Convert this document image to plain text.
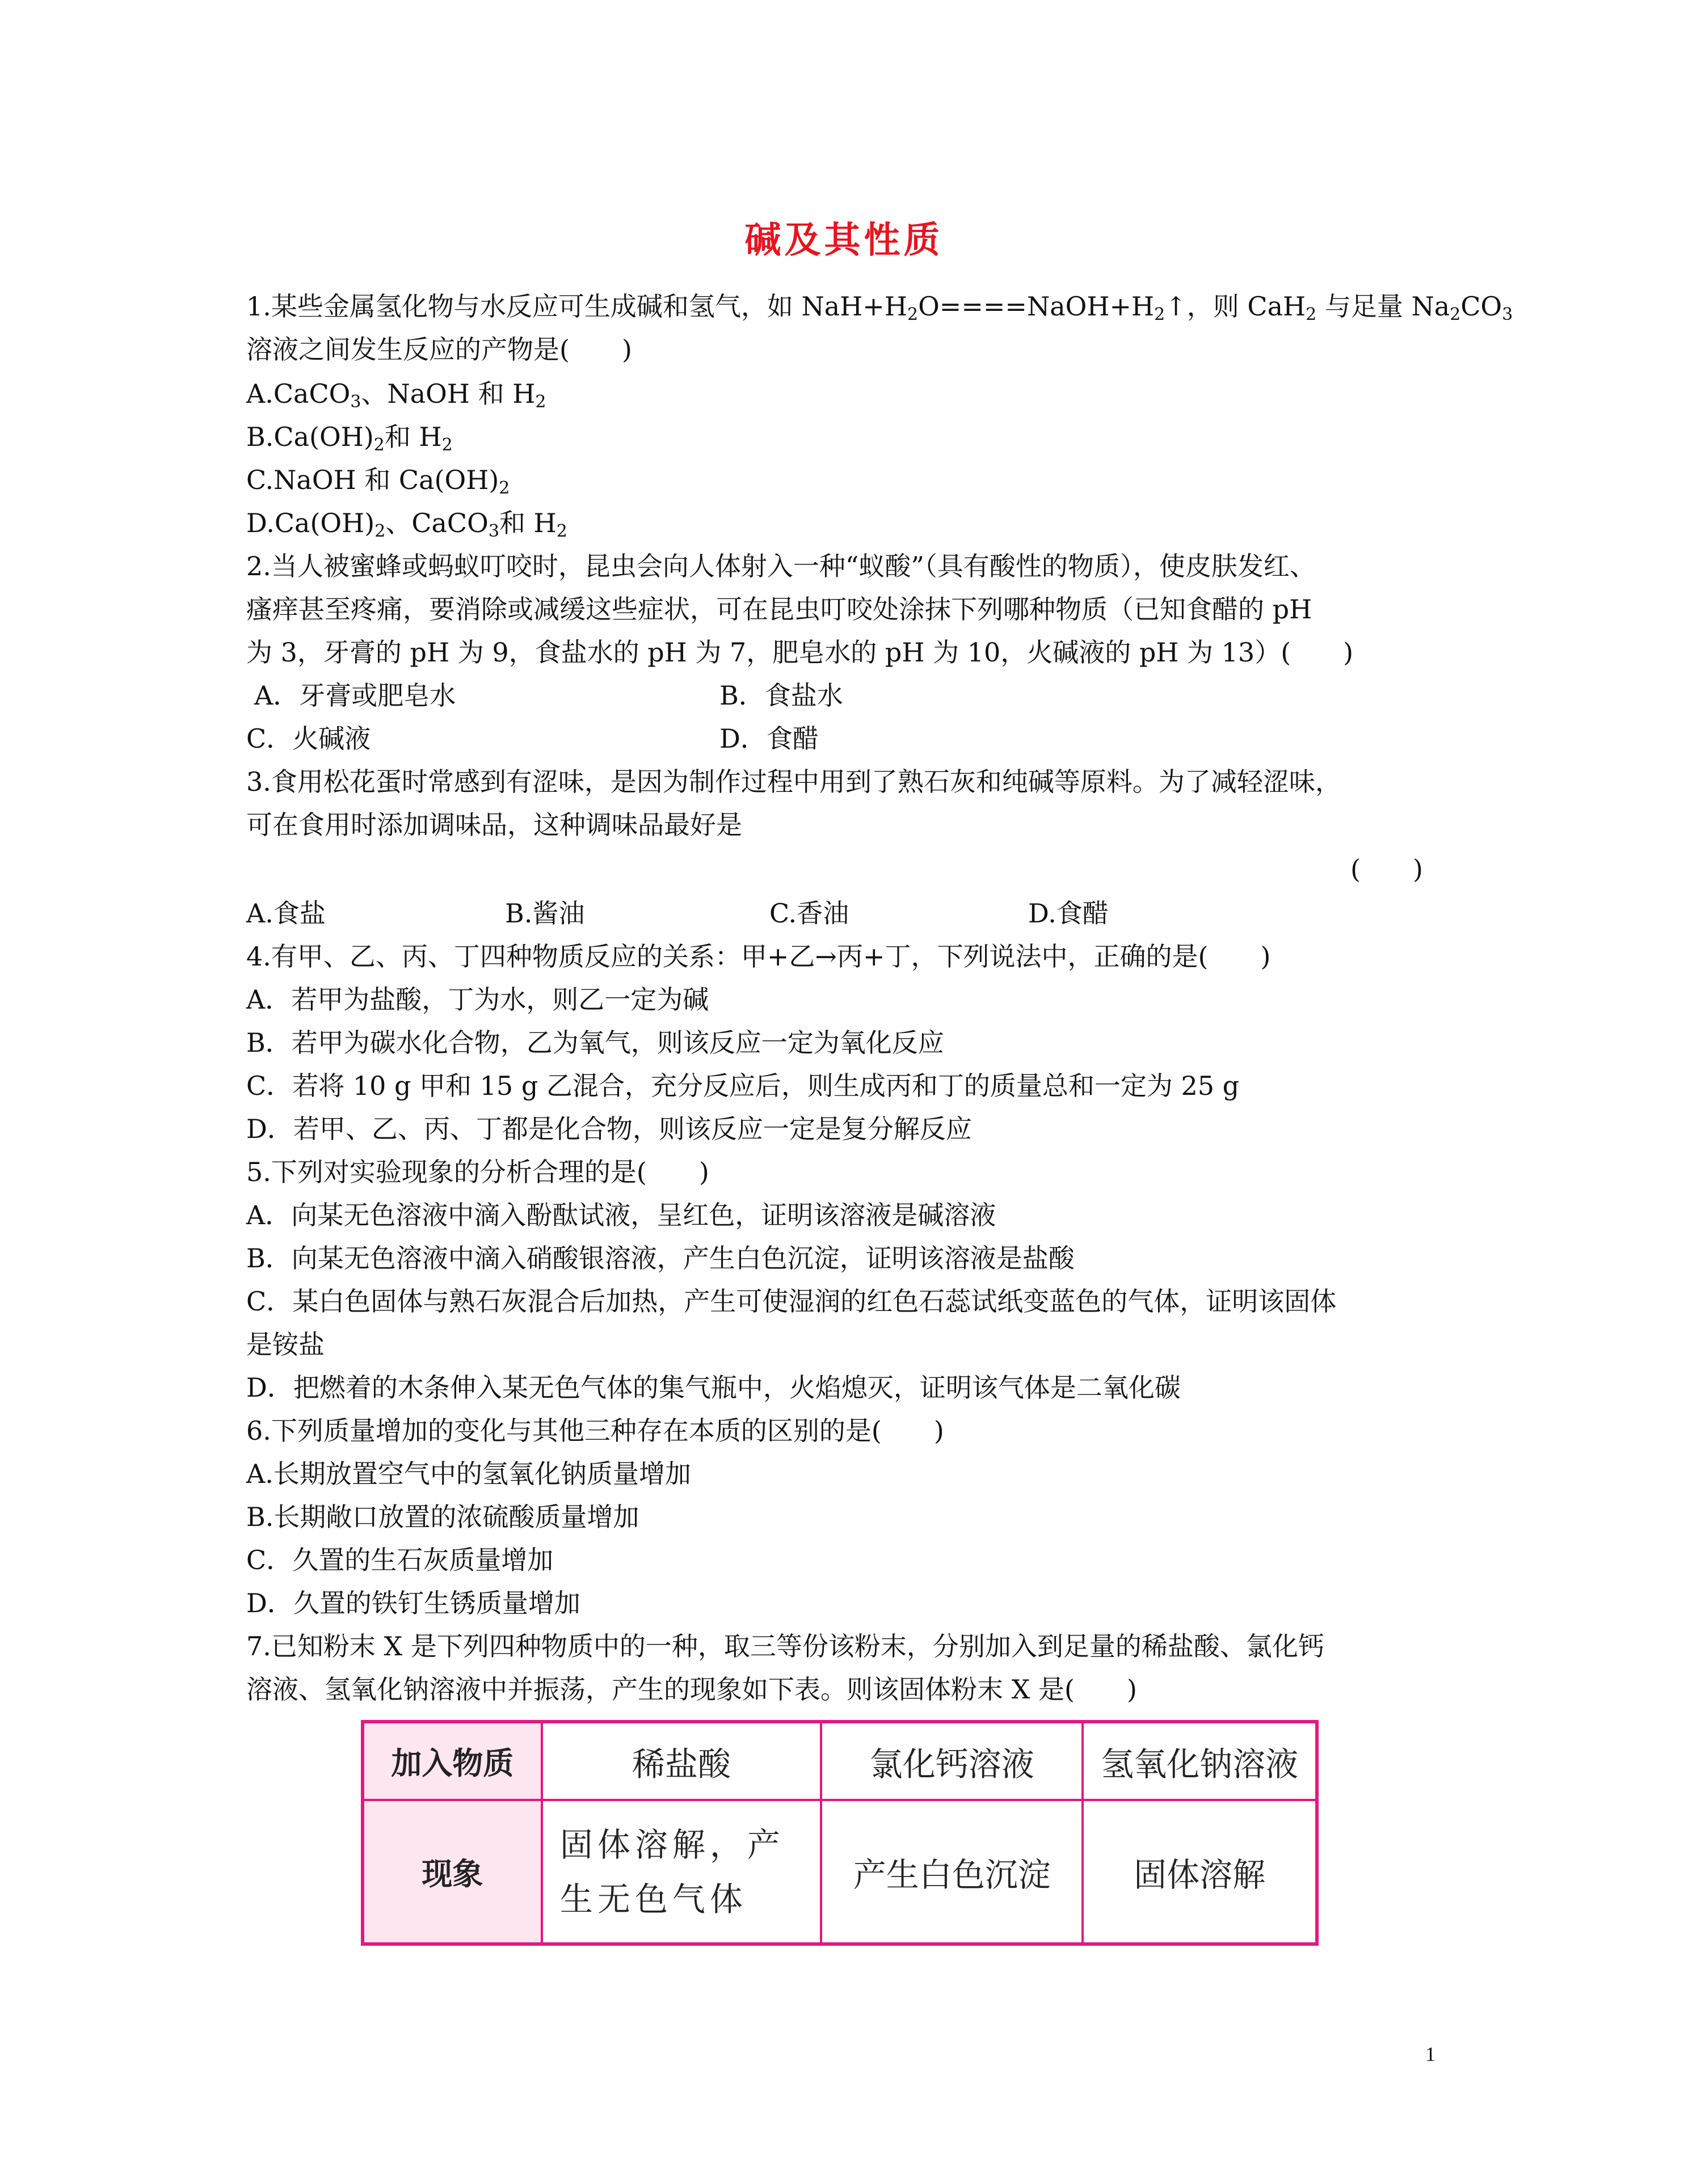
碱及其性质
1.某些金属氢化物与水反应可生成碱和氢气，如 $NaH+H_2O====NaOH+H_2↑$，则 CaH$_2$ 与足量 $Na_2CO_3$
溶液之间发生反应的产物是(　　)
A.CaCO$_3$、NaOH 和 $H_2$
$B.Ca(OH)_2$和 $H_2$
C.NaOH 和 $Ca(OH)_2$
$D.Ca(OH)_2$、CaCO$_3$和 $H_2$
2.当人被蜜蜂或蚂蚁叮咬时，昆虫会向人体射入一种“蚁酸”（具有酸性的物质），使皮肤发红、
瘙痒甚至疼痛，要消除或减缓这些症状，可在昆虫叮咬处涂抹下列哪种物质（已知食醋的 pH
为 3，牙膏的 pH 为 9，食盐水的 pH 为 7，肥皂水的 pH 为 10，火碱液的 pH 为 13）(　　)
A．牙膏或肥皂水	B．食盐水
C．火碱液	D．食醋
3.食用松花蛋时常感到有涩味，是因为制作过程中用到了熟石灰和纯碱等原料。为了减轻涩味，
可在食用时添加调味品，这种调味品最好是
(　　)
A.食盐	B.酱油	C.香油	D.食醋
4.有甲、乙、丙、丁四种物质反应的关系：甲+乙→丙+丁，下列说法中，正确的是(　　)
A．若甲为盐酸，丁为水，则乙一定为碱
B．若甲为碳水化合物，乙为氧气，则该反应一定为氧化反应
C．若将 10 g 甲和 15 g 乙混合，充分反应后，则生成丙和丁的质量总和一定为 25 g
D．若甲、乙、丙、丁都是化合物，则该反应一定是复分解反应
5.下列对实验现象的分析合理的是(　　)
A．向某无色溶液中滴入酚酞试液，呈红色，证明该溶液是碱溶液
B．向某无色溶液中滴入硝酸银溶液，产生白色沉淀，证明该溶液是盐酸
C．某白色固体与熟石灰混合后加热，产生可使湿润的红色石蕊试纸变蓝色的气体，证明该固体
是铵盐
D．把燃着的木条伸入某无色气体的集气瓶中，火焰熄灭，证明该气体是二氧化碳
6.下列质量增加的变化与其他三种存在本质的区别的是(　　)
A.长期放置空气中的氢氧化钠质量增加
B.长期敞口放置的浓硫酸质量增加
C．久置的生石灰质量增加
D．久置的铁钉生锈质量增加
7.已知粉末 X 是下列四种物质中的一种，取三等份该粉末，分别加入到足量的稀盐酸、氯化钙
溶液、氢氧化钠溶液中并振荡，产生的现象如下表。则该固体粉末 X 是(　　)
加入物质	稀盐酸	氯化钙溶液	氢氧化钠溶液
现象	固体溶解，产生无色气体	产生白色沉淀	固体溶解
1
